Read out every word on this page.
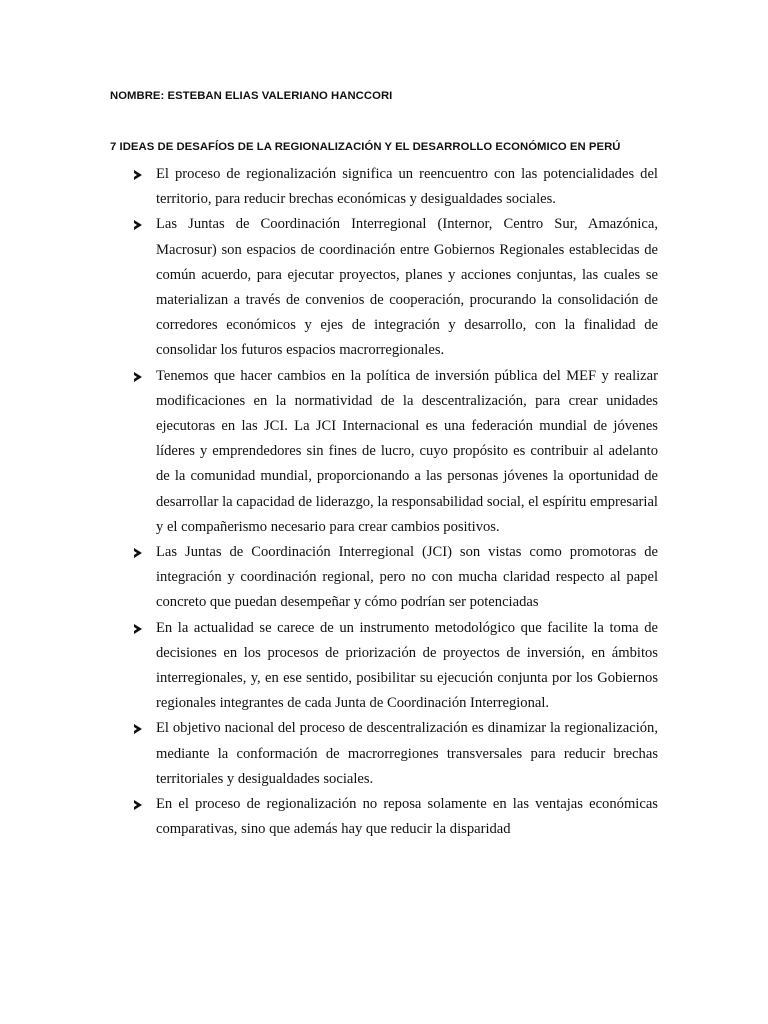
NOMBRE: ESTEBAN ELIAS VALERIANO HANCCORI
7 IDEAS DE DESAFÍOS DE LA REGIONALIZACIÓN Y EL DESARROLLO ECONÓMICO EN PERÚ

El proceso de regionalización significa un reencuentro con las potencialidades del territorio, para reducir brechas económicas y desigualdades sociales.

Las Juntas de Coordinación Interregional (Internor, Centro Sur, Amazónica, Macrosur) son espacios de coordinación entre Gobiernos Regionales establecidas de común acuerdo, para ejecutar proyectos, planes y acciones conjuntas, las cuales se materializan a través de convenios de cooperación, procurando la consolidación de corredores económicos y ejes de integración y desarrollo, con la finalidad de consolidar los futuros espacios macrorregionales.

Tenemos que hacer cambios en la política de inversión pública del MEF y realizar modificaciones en la normatividad de la descentralización, para crear unidades ejecutoras en las JCI. La JCI Internacional es una federación mundial de jóvenes líderes y emprendedores sin fines de lucro, cuyo propósito es contribuir al adelanto de la comunidad mundial, proporcionando a las personas jóvenes la oportunidad de desarrollar la capacidad de liderazgo, la responsabilidad social, el espíritu empresarial y el compañerismo necesario para crear cambios positivos.

Las Juntas de Coordinación Interregional (JCI) son vistas como promotoras de integración y coordinación regional, pero no con mucha claridad respecto al papel concreto que puedan desempeñar y cómo podrían ser potenciadas

En la actualidad se carece de un instrumento metodológico que facilite la toma de decisiones en los procesos de priorización de proyectos de inversión, en ámbitos interregionales, y, en ese sentido, posibilitar su ejecución conjunta por los Gobiernos regionales integrantes de cada Junta de Coordinación Interregional.

El objetivo nacional del proceso de descentralización es dinamizar la regionalización, mediante la conformación de macrorregiones transversales para reducir brechas territoriales y desigualdades sociales.

En el proceso de regionalización no reposa solamente en las ventajas económicas comparativas, sino que además hay que reducir la disparidad
